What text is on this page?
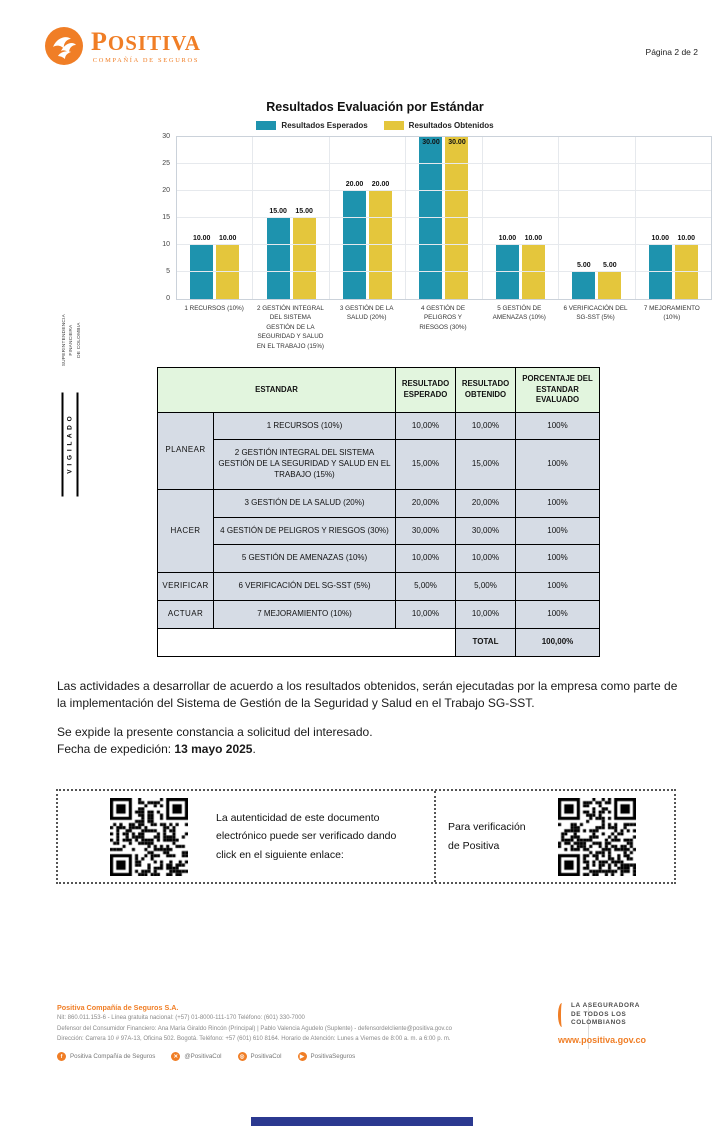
POSITIVA
COMPAÑÍA DE SEGUROS
Página 2 de 2
SUPERINTENDENCIA FINANCIERA DE COLOMBIA
V I G I L A D O
Resultados Evaluación por Estándar
Resultados Esperados	Resultados Obtenidos
0
5
10
15
20
25
30
10.00 10.00
15.00 15.00
20.00 20.00
30.00 30.00
10.00 10.00
5.00 5.00
10.00 10.00
1 RECURSOS (10%)	2 GESTIÓN INTEGRAL DEL SISTEMA GESTIÓN DE LA SEGURIDAD Y SALUD EN EL TRABAJO (15%)
3 GESTIÓN DE LA SALUD (20%)
4 GESTIÓN DE PELIGROS Y RIESGOS (30%)
5 GESTIÓN DE AMENAZAS (10%)
6 VERIFICACIÓN DEL SG-SST (5%)
7 MEJORAMIENTO (10%)
ESTANDAR		RESULTADO ESPERADO	RESULTADO OBTENIDO	PORCENTAJE DEL ESTANDAR EVALUADO
PLANEAR	1 RECURSOS (10%)	10,00%	10,00%	100%
	2 GESTIÓN INTEGRAL DEL SISTEMA GESTIÓN DE LA SEGURIDAD Y SALUD EN EL TRABAJO (15%)	15,00%	15,00%	100%
HACER	3 GESTIÓN DE LA SALUD (20%)	20,00%	20,00%	100%
	4 GESTIÓN DE PELIGROS Y RIESGOS (30%)	30,00%	30,00%	100%
	5 GESTIÓN DE AMENAZAS (10%)	10,00%	10,00%	100%
VERIFICAR	6 VERIFICACIÓN DEL SG-SST (5%)	5,00%	5,00%	100%
ACTUAR	7 MEJORAMIENTO (10%)	10,00%	10,00%	100%
			TOTAL	100,00%

Las actividades a desarrollar de acuerdo a los resultados obtenidos, serán ejecutadas por la empresa como parte de la implementación del Sistema de Gestión de la Seguridad y Salud en el Trabajo SG-SST.

Se expide la presente constancia a solicitud del interesado.

Fecha de expedición: 13 mayo 2025.

La autenticidad de este documento electrónico puede ser verificado dando click en el siguiente enlace:
Para verificación de Positiva
Positiva Compañía de Seguros S.A.
Nit: 860.011.153-6 - Línea gratuita nacional: (+57) 01-8000-111-170 Teléfono: (601) 330-7000
Defensor del Consumidor Financiero: Ana María Giraldo Rincón (Principal) | Pablo Valencia Agudelo (Suplente) - defensordelcliente@positiva.gov.co
Dirección: Carrera 10 # 97A-13, Oficina 502. Bogotá. Teléfono: +57 (601) 610 8164. Horario de Atención: Lunes a Viernes de 8:00 a. m. a 6:00 p. m.
f	Positiva Compañía de Seguros	✕	@PositivaCol	◎ PositivaCol	▶	PositivaSeguros
LA ASEGURADORA
DE TODOS LOS
COLOMBIANOS
www.positiva.gov.co
